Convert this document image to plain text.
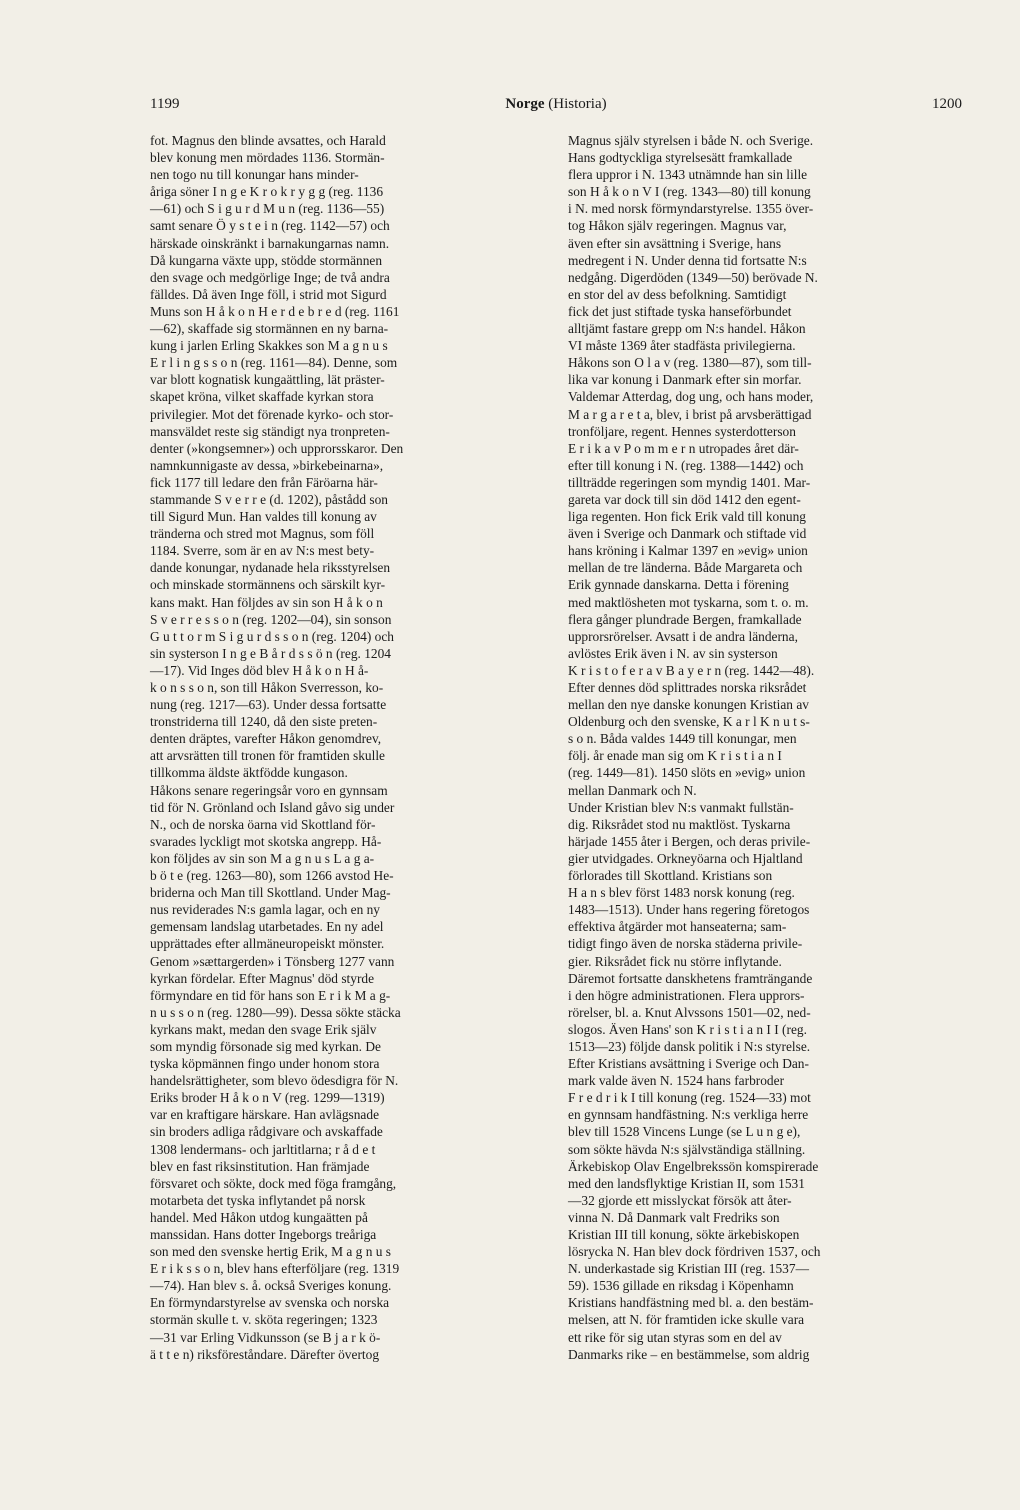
1199	Norge (Historia)	1200
fot. Magnus den blinde avsattes, och Harald
blev konung men mördades 1136. Stormän-
nen togo nu till konungar hans minder-
åriga söner I n g e K r o k r y g g (reg. 1136
—61) och S i g u r d M u n (reg. 1136—55)
samt senare Ö y s t e i n (reg. 1142—57) och
härskade oinskränkt i barnakungarnas namn.
Då kungarna växte upp, stödde stormännen
den svage och medgörlige Inge; de två andra
fälldes. Då även Inge föll, i strid mot Sigurd
Muns son H å k o n H e r d e b r e d (reg. 1161
—62), skaffade sig stormännen en ny barna-
kung i jarlen Erling Skakkes son M a g n u s
E r l i n g s s o n (reg. 1161—84). Denne, som
var blott kognatisk kungaättling, lät präster-
skapet kröna, vilket skaffade kyrkan stora
privilegier. Mot det förenade kyrko- och stor-
mansväldet reste sig ständigt nya tronpreten-
denter (»kongsemner») och upprorsskaror. Den
namnkunnigaste av dessa, »birkebeinarna»,
fick 1177 till ledare den från Färöarna här-
stammande S v e r r e (d. 1202), påstådd son
till Sigurd Mun. Han valdes till konung av
tränderna och stred mot Magnus, som föll
1184. Sverre, som är en av N:s mest bety-
dande konungar, nydanade hela riksstyrelsen
och minskade stormännens och särskilt kyr-
kans makt. Han följdes av sin son H å k o n
S v e r r e s s o n (reg. 1202—04), sin sonson
G u t t o r m S i g u r d s s o n (reg. 1204) och
sin systerson I n g e B å r d s s ö n (reg. 1204
—17). Vid Inges död blev H å k o n H å-
k o n s s o n, son till Håkon Sverresson, ko-
nung (reg. 1217—63). Under dessa fortsatte
tronstriderna till 1240, då den siste preten-
denten dräptes, varefter Håkon genomdrev,
att arvsrätten till tronen för framtiden skulle
tillkomma äldste äktfödde kungason.
Håkons senare regeringsår voro en gynnsam
tid för N. Grönland och Island gåvo sig under
N., och de norska öarna vid Skottland för-
svarades lyckligt mot skotska angrepp. Hå-
kon följdes av sin son M a g n u s L a g a-
b ö t e (reg. 1263—80), som 1266 avstod He-
briderna och Man till Skottland. Under Mag-
nus reviderades N:s gamla lagar, och en ny
gemensam landslag utarbetades. En ny adel
upprättades efter allmäneuropeiskt mönster.
Genom »sættargerden» i Tönsberg 1277 vann
kyrkan fördelar. Efter Magnus' död styrde
förmyndare en tid för hans son E r i k M a g-
n u s s o n (reg. 1280—99). Dessa sökte stäcka
kyrkans makt, medan den svage Erik själv
som myndig försonade sig med kyrkan. De
tyska köpmännen fingo under honom stora
handelsrättigheter, som blevo ödesdigra för N.
Eriks broder H å k o n V (reg. 1299—1319)
var en kraftigare härskare. Han avlägsnade
sin broders adliga rådgivare och avskaffade
1308 lendermans- och jarltitlarna; r å d e t
blev en fast riksinstitution. Han främjade
försvaret och sökte, dock med föga framgång,
motarbeta det tyska inflytandet på norsk
handel. Med Håkon utdog kungaätten på
manssidan. Hans dotter Ingeborgs treåriga
son med den svenske hertig Erik, M a g n u s
E r i k s s o n, blev hans efterföljare (reg. 1319
—74). Han blev s. å. också Sveriges konung.
En förmyndarstyrelse av svenska och norska
stormän skulle t. v. sköta regeringen; 1323
—31 var Erling Vidkunsson (se B j a r k ö-
ä t t e n) riksföreståndare. Därefter övertog
Magnus själv styrelsen i både N. och Sverige.
Hans godtyckliga styrelsesätt framkallade
flera uppror i N. 1343 utnämnde han sin lille
son H å k o n V I (reg. 1343—80) till konung
i N. med norsk förmyndarstyrelse. 1355 över-
tog Håkon själv regeringen. Magnus var,
även efter sin avsättning i Sverige, hans
medregent i N. Under denna tid fortsatte N:s
nedgång. Digerdöden (1349—50) berövade N.
en stor del av dess befolkning. Samtidigt
fick det just stiftade tyska hanseförbundet
alltjämt fastare grepp om N:s handel. Håkon
VI måste 1369 åter stadfästa privilegierna.
Håkons son O l a v (reg. 1380—87), som till-
lika var konung i Danmark efter sin morfar.
Valdemar Atterdag, dog ung, och hans moder,
M a r g a r e t a, blev, i brist på arvsberättigad
tronföljare, regent. Hennes systerdotterson
E r i k a v P o m m e r n utropades året där-
efter till konung i N. (reg. 1388—1442) och
tillträdde regeringen som myndig 1401. Mar-
gareta var dock till sin död 1412 den egent-
liga regenten. Hon fick Erik vald till konung
även i Sverige och Danmark och stiftade vid
hans kröning i Kalmar 1397 en »evig» union
mellan de tre länderna. Både Margareta och
Erik gynnade danskarna. Detta i förening
med maktlösheten mot tyskarna, som t. o. m.
flera gånger plundrade Bergen, framkallade
upprorsrörelser. Avsatt i de andra länderna,
avlöstes Erik även i N. av sin systerson
K r i s t o f e r a v B a y e r n (reg. 1442—48).
Efter dennes död splittrades norska riksrådet
mellan den nye danske konungen Kristian av
Oldenburg och den svenske, K a r l K n u t s-
s o n. Båda valdes 1449 till konungar, men
följ. år enade man sig om K r i s t i a n I
(reg. 1449—81). 1450 slöts en »evig» union
mellan Danmark och N.
Under Kristian blev N:s vanmakt fullstän-
dig. Riksrådet stod nu maktlöst. Tyskarna
härjade 1455 åter i Bergen, och deras privile-
gier utvidgades. Orkneyöarna och Hjaltland
förlorades till Skottland. Kristians son
H a n s blev först 1483 norsk konung (reg.
1483—1513). Under hans regering företogos
effektiva åtgärder mot hanseaterna; sam-
tidigt fingo även de norska städerna privile-
gier. Riksrådet fick nu större inflytande.
Däremot fortsatte danskhetens framträngande
i den högre administrationen. Flera upprors-
rörelser, bl. a. Knut Alvssons 1501—02, ned-
slogos. Även Hans' son K r i s t i a n I I (reg.
1513—23) följde dansk politik i N:s styrelse.
Efter Kristians avsättning i Sverige och Dan-
mark valde även N. 1524 hans farbroder
F r e d r i k I till konung (reg. 1524—33) mot
en gynnsam handfästning. N:s verkliga herre
blev till 1528 Vincens Lunge (se L u n g e),
som sökte hävda N:s självständiga ställning.
Ärkebiskop Olav Engelbrekssön komspirerade
med den landsflyktige Kristian II, som 1531
—32 gjorde ett misslyckat försök att åter-
vinna N. Då Danmark valt Fredriks son
Kristian III till konung, sökte ärkebiskopen
lösrycka N. Han blev dock fördriven 1537, och
N. underkastade sig Kristian III (reg. 1537—
59). 1536 gillade en riksdag i Köpenhamn
Kristians handfästning med bl. a. den bestäm-
melsen, att N. för framtiden icke skulle vara
ett rike för sig utan styras som en del av
Danmarks rike – en bestämmelse, som aldrig
